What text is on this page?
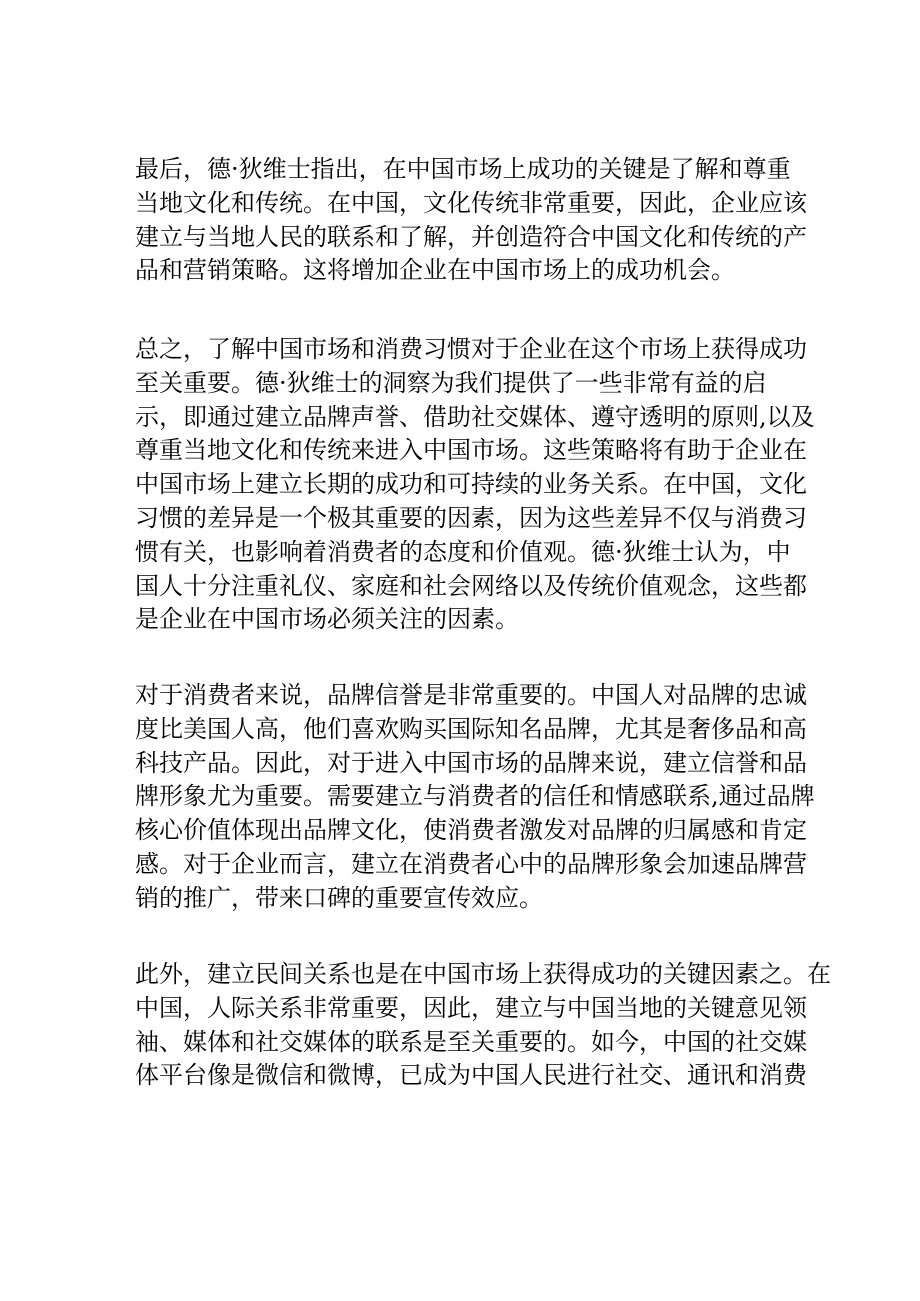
最后，德·狄维士指出，在中国市场上成功的关键是了解和尊重
当地文化和传统。在中国，文化传统非常重要，因此，企业应该
建立与当地人民的联系和了解，并创造符合中国文化和传统的产
品和营销策略。这将增加企业在中国市场上的成功机会。

总之，了解中国市场和消费习惯对于企业在这个市场上获得成功
至关重要。德·狄维士的洞察为我们提供了一些非常有益的启
示，即通过建立品牌声誉、借助社交媒体、遵守透明的原则,以及
尊重当地文化和传统来进入中国市场。这些策略将有助于企业在
中国市场上建立长期的成功和可持续的业务关系。在中国，文化
习惯的差异是一个极其重要的因素，因为这些差异不仅与消费习
惯有关，也影响着消费者的态度和价值观。德·狄维士认为，中
国人十分注重礼仪、家庭和社会网络以及传统价值观念，这些都
是企业在中国市场必须关注的因素。

对于消费者来说，品牌信誉是非常重要的。中国人对品牌的忠诚
度比美国人高，他们喜欢购买国际知名品牌，尤其是奢侈品和高
科技产品。因此，对于进入中国市场的品牌来说，建立信誉和品
牌形象尤为重要。需要建立与消费者的信任和情感联系,通过品牌
核心价值体现出品牌文化，使消费者激发对品牌的归属感和肯定
感。对于企业而言，建立在消费者心中的品牌形象会加速品牌营
销的推广，带来口碑的重要宣传效应。

此外，建立民间关系也是在中国市场上获得成功的关键因素之。在
中国，人际关系非常重要，因此，建立与中国当地的关键意见领
袖、媒体和社交媒体的联系是至关重要的。如今，中国的社交媒
体平台像是微信和微博，已成为中国人民进行社交、通讯和消费
